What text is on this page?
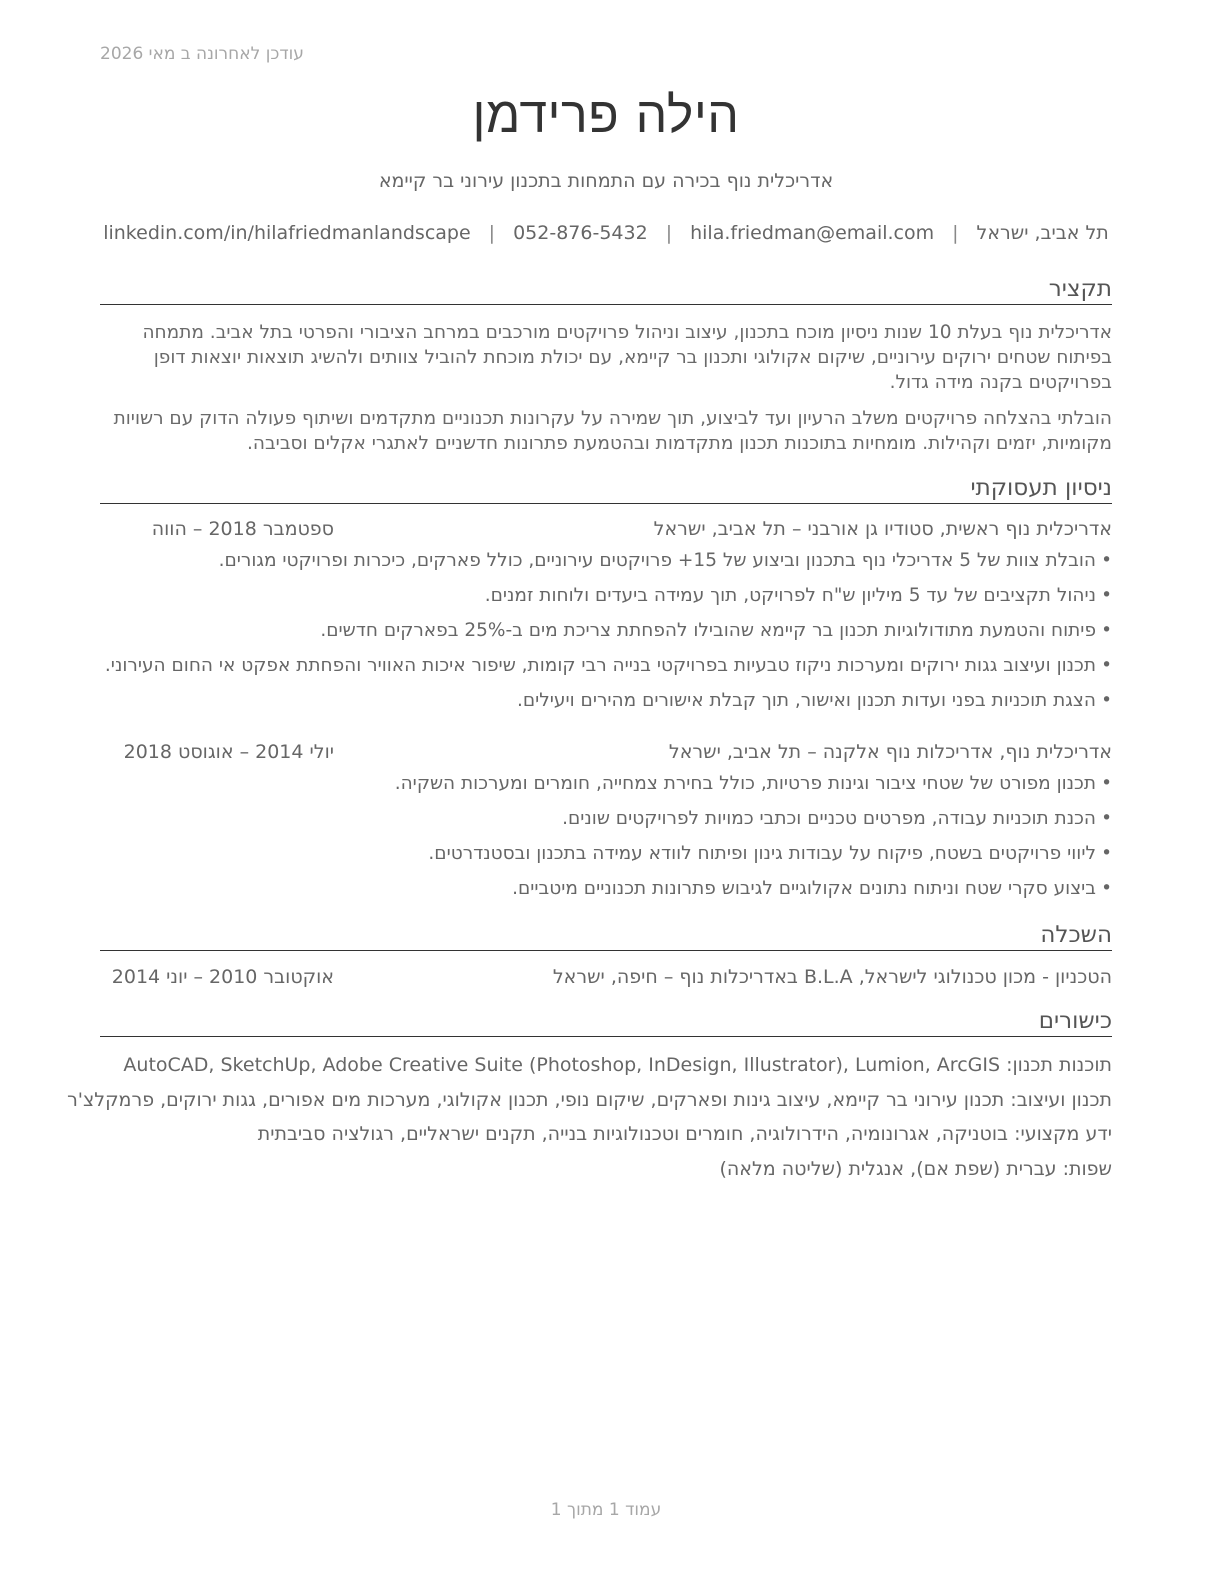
עודכן לאחרונה ב מאי 2026
הילה פרידמן
אדריכלית נוף בכירה עם התמחות בתכנון עירוני בר קיימא
תל אביב, ישראל|hila.friedman@email.com|052-876-5432|linkedin.com/in/hilafriedmanlandscape
תקציר
אדריכלית נוף בעלת 10 שנות ניסיון מוכח בתכנון, עיצוב וניהול פרויקטים מורכבים במרחב הציבורי והפרטי בתל אביב. מתמחה בפיתוח שטחים ירוקים עירוניים, שיקום אקולוגי ותכנון בר קיימא, עם יכולת מוכחת להוביל צוותים ולהשיג תוצאות יוצאות דופן בפרויקטים בקנה מידה גדול.
הובלתי בהצלחה פרויקטים משלב הרעיון ועד לביצוע, תוך שמירה על עקרונות תכנוניים מתקדמים ושיתוף פעולה הדוק עם רשויות מקומיות, יזמים וקהילות. מומחיות בתוכנות תכנון מתקדמות ובהטמעת פתרונות חדשניים לאתגרי אקלים וסביבה.
ניסיון תעסוקתי
אדריכלית נוף ראשית, סטודיו גן אורבני – תל אביב, ישראל
ספטמבר 2018 – הווה
•
הובלת צוות של 5 אדריכלי נוף בתכנון וביצוע של 15+ פרויקטים עירוניים, כולל פארקים, כיכרות ופרויקטי מגורים.
•
ניהול תקציבים של עד 5 מיליון ש"ח לפרויקט, תוך עמידה ביעדים ולוחות זמנים.
•
פיתוח והטמעת מתודולוגיות תכנון בר קיימא שהובילו להפחתת צריכת מים ב-25% בפארקים חדשים.
•
תכנון ועיצוב גגות ירוקים ומערכות ניקוז טבעיות בפרויקטי בנייה רבי קומות, שיפור איכות האוויר והפחתת אפקט אי החום העירוני.
•
הצגת תוכניות בפני ועדות תכנון ואישור, תוך קבלת אישורים מהירים ויעילים.
אדריכלית נוף, אדריכלות נוף אלקנה – תל אביב, ישראל
יולי 2014 – אוגוסט 2018
•
תכנון מפורט של שטחי ציבור וגינות פרטיות, כולל בחירת צמחייה, חומרים ומערכות השקיה.
•
הכנת תוכניות עבודה, מפרטים טכניים וכתבי כמויות לפרויקטים שונים.
•
ליווי פרויקטים בשטח, פיקוח על עבודות גינון ופיתוח לוודא עמידה בתכנון ובסטנדרטים.
•
ביצוע סקרי שטח וניתוח נתונים אקולוגיים לגיבוש פתרונות תכנוניים מיטביים.
השכלה
הטכניון - מכון טכנולוגי לישראל, B.L.A באדריכלות נוף – חיפה, ישראל
אוקטובר 2010 – יוני 2014
כישורים
תוכנות תכנון: AutoCAD, SketchUp, Adobe Creative Suite (Photoshop, InDesign, Illustrator), Lumion, ArcGIS
תכנון ועיצוב: תכנון עירוני בר קיימא, עיצוב גינות ופארקים, שיקום נופי, תכנון אקולוגי, מערכות מים אפורים, גגות ירוקים, פרמקלצ'ר
ידע מקצועי: בוטניקה, אגרונומיה, הידרולוגיה, חומרים וטכנולוגיות בנייה, תקנים ישראליים, רגולציה סביבתית
שפות: עברית (שפת אם), אנגלית (שליטה מלאה)
עמוד 1 מתוך 1
